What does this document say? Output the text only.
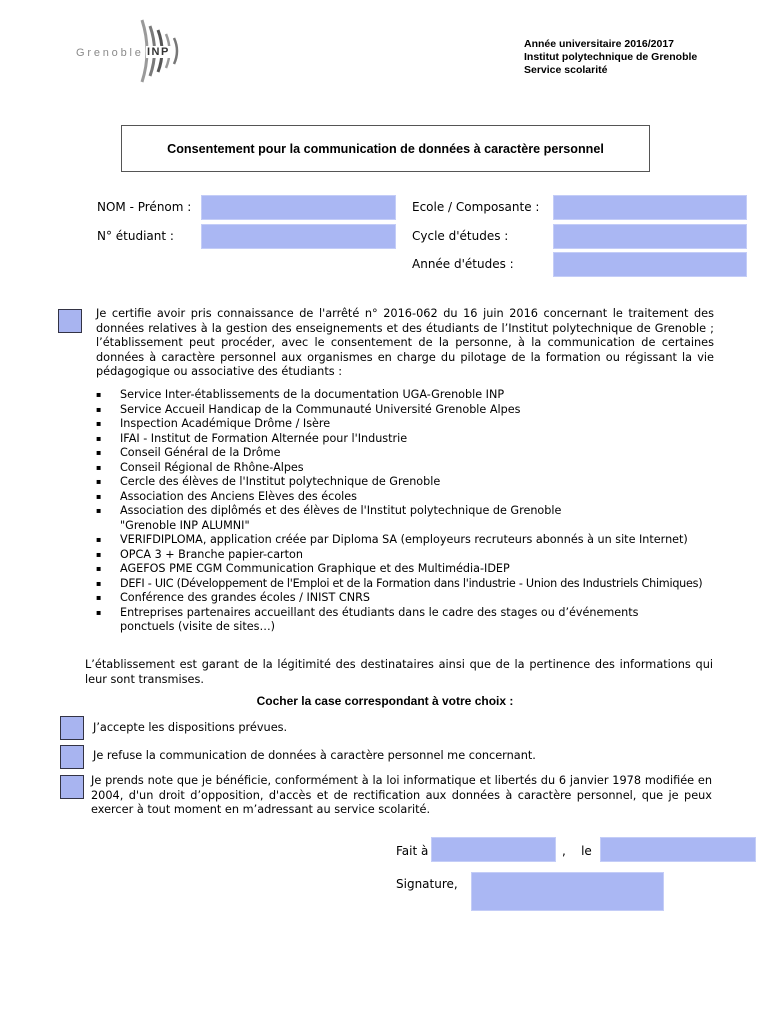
Grenoble INP
Année universitaire 2016/2017
Institut polytechnique de Grenoble
Service scolarité
Consentement pour la communication de données à caractère personnel
NOM - Prénom :
N° étudiant :
Ecole / Composante :
Cycle d'études :
Année d'études :
Je certifie avoir pris connaissance de l'arrêté n° 2016-062 du 16 juin 2016 concernant le traitement des données relatives à la gestion des enseignements et des étudiants de l’Institut polytechnique de Grenoble ; l’établissement peut procéder, avec le consentement de la personne, à la communication de certaines données à caractère personnel aux organismes en charge du pilotage de la formation ou régissant la vie pédagogique ou associative des étudiants :
▪ Service Inter-établissements de la documentation UGA-Grenoble INP
▪ Service Accueil Handicap de la Communauté Université Grenoble Alpes
▪ Inspection Académique Drôme / Isère
▪ IFAI - Institut de Formation Alternée pour l'Industrie
▪ Conseil Général de la Drôme
▪ Conseil Régional de Rhône-Alpes
▪ Cercle des élèves de l'Institut polytechnique de Grenoble
▪ Association des Anciens Elèves des écoles
▪ Association des diplômés et des élèves de l'Institut polytechnique de Grenoble "Grenoble INP ALUMNI"
▪ VERIFDIPLOMA, application créée par Diploma SA (employeurs recruteurs abonnés à un site Internet)
▪ OPCA 3 + Branche papier-carton
▪ AGEFOS PME CGM Communication Graphique et des Multimédia-IDEP
▪ DEFI - UIC (Développement de l'Emploi et de la Formation dans l'industrie - Union des Industriels Chimiques)
▪ Conférence des grandes écoles / INIST CNRS
▪ Entreprises partenaires accueillant des étudiants dans le cadre des stages ou d’événements ponctuels (visite de sites…)
L’établissement est garant de la légitimité des destinataires ainsi que de la pertinence des informations qui leur sont transmises.
Cocher la case correspondant à votre choix :
J’accepte les dispositions prévues.
Je refuse la communication de données à caractère personnel me concernant.
Je prends note que je bénéficie, conformément à la loi informatique et libertés du 6 janvier 1978 modifiée en 2004, d'un droit d’opposition, d'accès et de rectification aux données à caractère personnel, que je peux exercer à tout moment en m’adressant au service scolarité.
Fait à	,    le
Signature,
